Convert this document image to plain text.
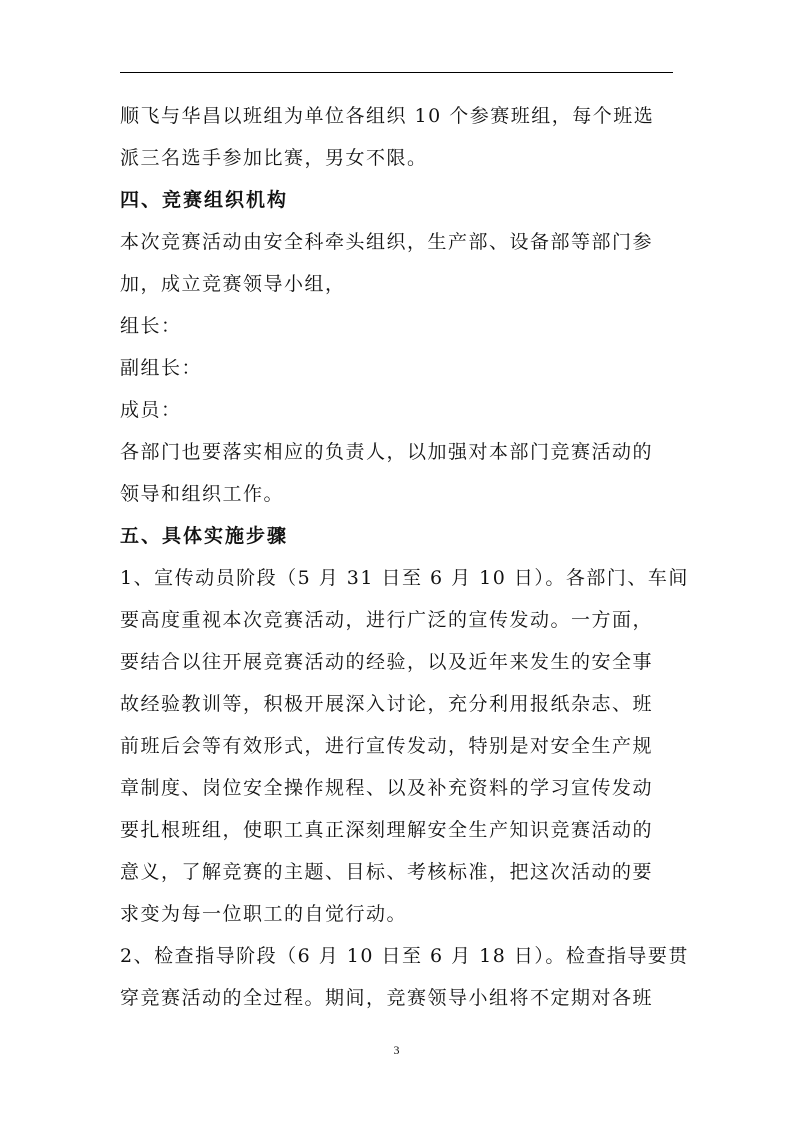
顺飞与华昌以班组为单位各组织 10 个参赛班组，每个班选
派三名选手参加比赛，男女不限。
四、竞赛组织机构
本次竞赛活动由安全科牵头组织，生产部、设备部等部门参
加，成立竞赛领导小组，
组长：
副组长：
成员：
各部门也要落实相应的负责人，以加强对本部门竞赛活动的
领导和组织工作。
五、具体实施步骤
1、宣传动员阶段（5 月 31 日至 6 月 10 日）。各部门、车间
要高度重视本次竞赛活动，进行广泛的宣传发动。一方面，
要结合以往开展竞赛活动的经验，以及近年来发生的安全事
故经验教训等，积极开展深入讨论，充分利用报纸杂志、班
前班后会等有效形式，进行宣传发动，特别是对安全生产规
章制度、岗位安全操作规程、以及补充资料的学习宣传发动
要扎根班组，使职工真正深刻理解安全生产知识竞赛活动的
意义，了解竞赛的主题、目标、考核标准，把这次活动的要
求变为每一位职工的自觉行动。
2、检查指导阶段（6 月 10 日至 6 月 18 日）。检查指导要贯
穿竞赛活动的全过程。期间，竞赛领导小组将不定期对各班
3
